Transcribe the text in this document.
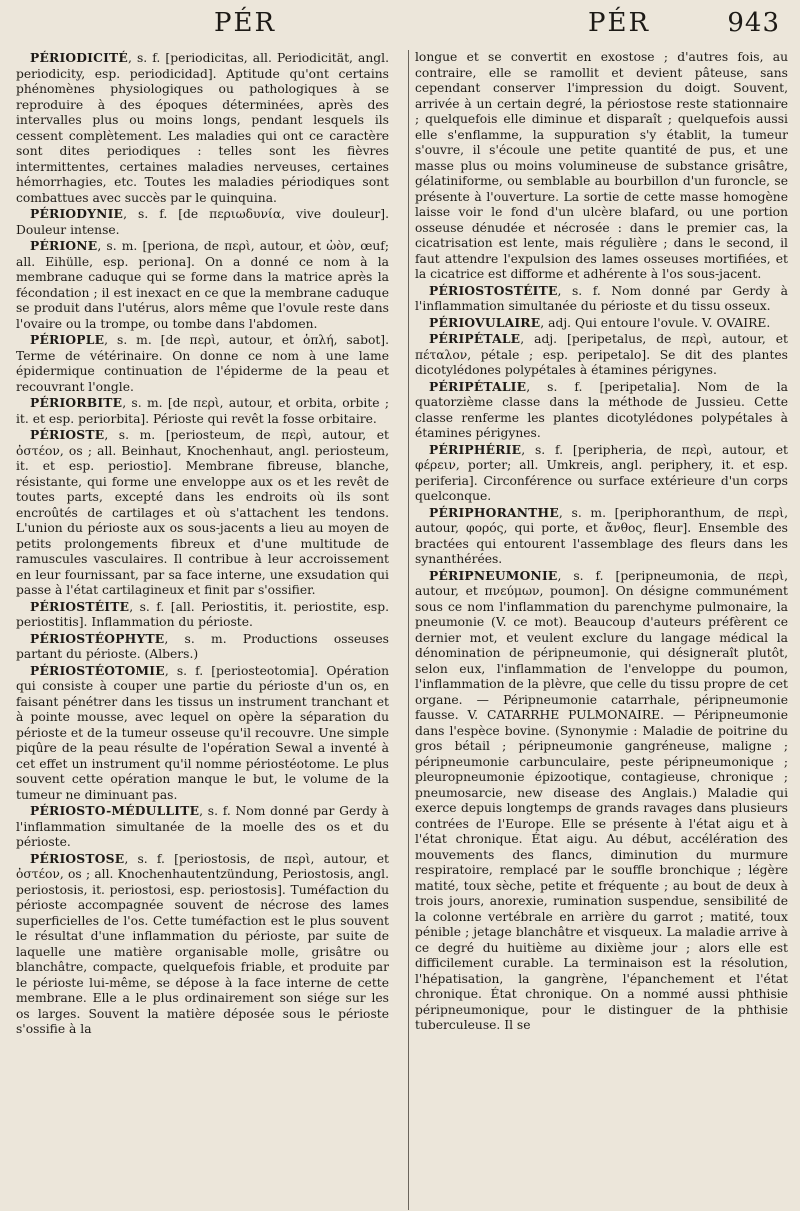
PÉR	PÉR	943

PÉRIODICITÉ, s. f. [periodicitas, all. Periodicität, angl. periodicity, esp. periodicidad]. Aptitude qu'ont certains phénomènes physiologiques ou pathologiques à se reproduire à des époques déterminées, après des intervalles plus ou moins longs, pendant lesquels ils cessent complètement. Les maladies qui ont ce caractère sont dites periodiques : telles sont les fièvres intermittentes, certaines maladies nerveuses, certaines hémorrhagies, etc. Toutes les maladies périodiques sont combattues avec succès par le quinquina.

PÉRIODYNIE, s. f. [de περιωδυνία, vive douleur]. Douleur intense.

PÉRIONE, s. m. [periona, de περὶ, autour, et ὠὸν, œuf; all. Eihülle, esp. periona]. On a donné ce nom à la membrane caduque qui se forme dans la matrice après la fécondation ; il est inexact en ce que la membrane caduque se produit dans l'utérus, alors même que l'ovule reste dans l'ovaire ou la trompe, ou tombe dans l'abdomen.

PÉRIOPLE, s. m. [de περὶ, autour, et ὁπλή, sabot]. Terme de vétérinaire. On donne ce nom à une lame épidermique continuation de l'épiderme de la peau et recouvrant l'ongle.

PÉRIORBITE, s. m. [de περὶ, autour, et orbita, orbite ; it. et esp. periorbita]. Périoste qui revêt la fosse orbitaire.

PÉRIOSTE, s. m. [periosteum, de περὶ, autour, et ὀστέον, os ; all. Beinhaut, Knochenhaut, angl. periosteum, it. et esp. periostio]. Membrane fibreuse, blanche, résistante, qui forme une enveloppe aux os et les revêt de toutes parts, excepté dans les endroits où ils sont encroûtés de cartilages et où s'attachent les tendons. L'union du périoste aux os sous-jacents a lieu au moyen de petits prolongements fibreux et d'une multitude de ramuscules vasculaires. Il contribue à leur accroissement en leur fournissant, par sa face interne, une exsudation qui passe à l'état cartilagineux et finit par s'ossifier.

PÉRIOSTÉITE, s. f. [all. Periostitis, it. periostite, esp. periostitis]. Inflammation du périoste.

PÉRIOSTÉOPHYTE, s. m. Productions osseuses partant du périoste. (Albers.)

PÉRIOSTÉOTOMIE, s. f. [periosteotomia]. Opération qui consiste à couper une partie du périoste d'un os, en faisant pénétrer dans les tissus un instrument tranchant et à pointe mousse, avec lequel on opère la séparation du périoste et de la tumeur osseuse qu'il recouvre. Une simple piqûre de la peau résulte de l'opération Sewal a inventé à cet effet un instrument qu'il nomme périostéotome. Le plus souvent cette opération manque le but, le volume de la tumeur ne diminuant pas.

PÉRIOSTO-MÉDULLITE, s. f. Nom donné par Gerdy à l'inflammation simultanée de la moelle des os et du périoste.

PÉRIOSTOSE, s. f. [periostosis, de περὶ, autour, et ὀστέον, os ; all. Knochenhautentzündung, Periostosis, angl. periostosis, it. periostosi, esp. periostosis]. Tuméfaction du périoste accompagnée souvent de nécrose des lames superficielles de l'os. Cette tuméfaction est le plus souvent le résultat d'une inflammation du périoste, par suite de laquelle une matière organisable molle, grisâtre ou blanchâtre, compacte, quelquefois friable, et produite par le périoste lui-même, se dépose à la face interne de cette membrane. Elle a le plus ordinairement son siége sur les os larges. Souvent la matière déposée sous le périoste s'ossifie à la

longue et se convertit en exostose ; d'autres fois, au contraire, elle se ramollit et devient pâteuse, sans cependant conserver l'impression du doigt. Souvent, arrivée à un certain degré, la périostose reste stationnaire ; quelquefois elle diminue et disparaît ; quelquefois aussi elle s'enflamme, la suppuration s'y établit, la tumeur s'ouvre, il s'écoule une petite quantité de pus, et une masse plus ou moins volumineuse de substance grisâtre, gélatiniforme, ou semblable au bourbillon d'un furoncle, se présente à l'ouverture. La sortie de cette masse homogène laisse voir le fond d'un ulcère blafard, ou une portion osseuse dénudée et nécrosée : dans le premier cas, la cicatrisation est lente, mais régulière ; dans le second, il faut attendre l'expulsion des lames osseuses mortifiées, et la cicatrice est difforme et adhérente à l'os sous-jacent.

PÉRIOSTOSTÉITE, s. f. Nom donné par Gerdy à l'inflammation simultanée du périoste et du tissu osseux.

PÉRIOVULAIRE, adj. Qui entoure l'ovule. V. OVAIRE.

PÉRIPÉTALE, adj. [peripetalus, de περὶ, autour, et πέταλον, pétale ; esp. peripetalo]. Se dit des plantes dicotylédones polypétales à étamines périgynes.

PÉRIPÉTALIE, s. f. [peripetalia]. Nom de la quatorzième classe dans la méthode de Jussieu. Cette classe renferme les plantes dicotylédones polypétales à étamines périgynes.

PÉRIPHÉRIE, s. f. [peripheria, de περὶ, autour, et φέρειν, porter; all. Umkreis, angl. periphery, it. et esp. periferia]. Circonférence ou surface extérieure d'un corps quelconque.

PÉRIPHORANTHE, s. m. [periphoranthum, de περὶ, autour, φορός, qui porte, et ἄνθος, fleur]. Ensemble des bractées qui entourent l'assemblage des fleurs dans les synanthérées.

PÉRIPNEUMONIE, s. f. [peripneumonia, de περὶ, autour, et πνεύμων, poumon]. On désigne communément sous ce nom l'inflammation du parenchyme pulmonaire, la pneumonie (V. ce mot). Beaucoup d'auteurs préfèrent ce dernier mot, et veulent exclure du langage médical la dénomination de péripneumonie, qui désigneraît plutôt, selon eux, l'inflammation de l'enveloppe du poumon, l'inflammation de la plèvre, que celle du tissu propre de cet organe. — Péripneumonie catarrhale, péripneumonie fausse. V. CATARRHE PULMONAIRE. — Péripneumonie dans l'espèce bovine. (Synonymie : Maladie de poitrine du gros bétail ; péripneumonie gangréneuse, maligne ; péripneumonie carbunculaire, peste péripneumonique ; pleuropneumonie épizootique, contagieuse, chronique ; pneumosarcie, new disease des Anglais.) Maladie qui exerce depuis longtemps de grands ravages dans plusieurs contrées de l'Europe. Elle se présente à l'état aigu et à l'état chronique. État aigu. Au début, accélération des mouvements des flancs, diminution du murmure respiratoire, remplacé par le souffle bronchique ; légère matité, toux sèche, petite et fréquente ; au bout de deux à trois jours, anorexie, rumination suspendue, sensibilité de la colonne vertébrale en arrière du garrot ; matité, toux pénible ; jetage blanchâtre et visqueux. La maladie arrive à ce degré du huitième au dixième jour ; alors elle est difficilement curable. La terminaison est la résolution, l'hépatisation, la gangrène, l'épanchement et l'état chronique. État chronique. On a nommé aussi phthisie péripneumonique, pour le distinguer de la phthisie tuberculeuse. Il se
